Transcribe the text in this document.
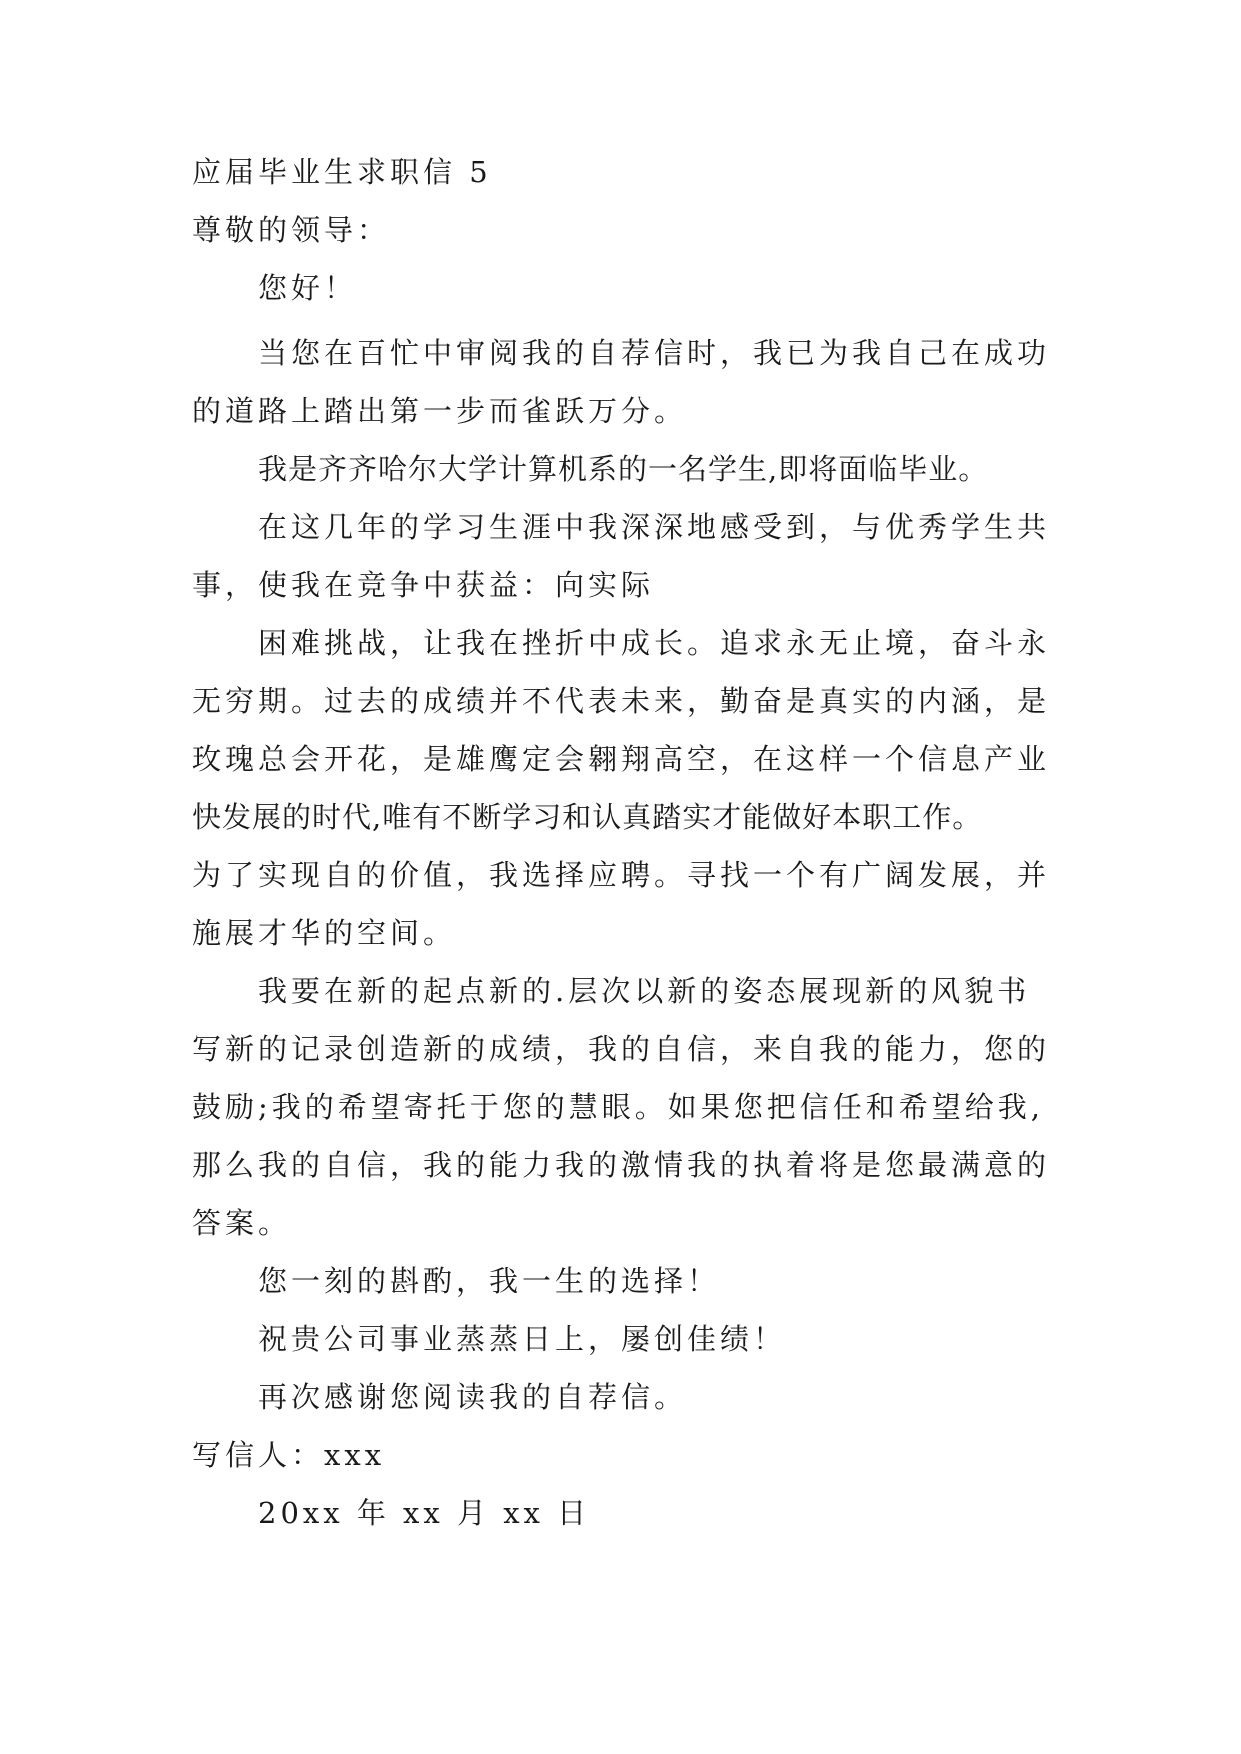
应届毕业生求职信 5
尊敬的领导：
您好！
当您在百忙中审阅我的自荐信时，我已为我自己在成功
的道路上踏出第一步而雀跃万分。
我是齐齐哈尔大学计算机系的一名学生,即将面临毕业。
在这几年的学习生涯中我深深地感受到，与优秀学生共
事，使我在竞争中获益：向实际
困难挑战，让我在挫折中成长。追求永无止境，奋斗永
无穷期。过去的成绩并不代表未来，勤奋是真实的内涵，是
玫瑰总会开花，是雄鹰定会翱翔高空，在这样一个信息产业
快发展的时代,唯有不断学习和认真踏实才能做好本职工作。
为了实现自的价值，我选择应聘。寻找一个有广阔发展，并
施展才华的空间。
我要在新的起点新的.层次以新的姿态展现新的风貌书
写新的记录创造新的成绩，我的自信，来自我的能力，您的
鼓励;我的希望寄托于您的慧眼。如果您把信任和希望给我,
那么我的自信，我的能力我的激情我的执着将是您最满意的
答案。
您一刻的斟酌，我一生的选择！
祝贵公司事业蒸蒸日上，屡创佳绩！
再次感谢您阅读我的自荐信。
写信人：xxx
20xx 年 xx 月 xx 日
